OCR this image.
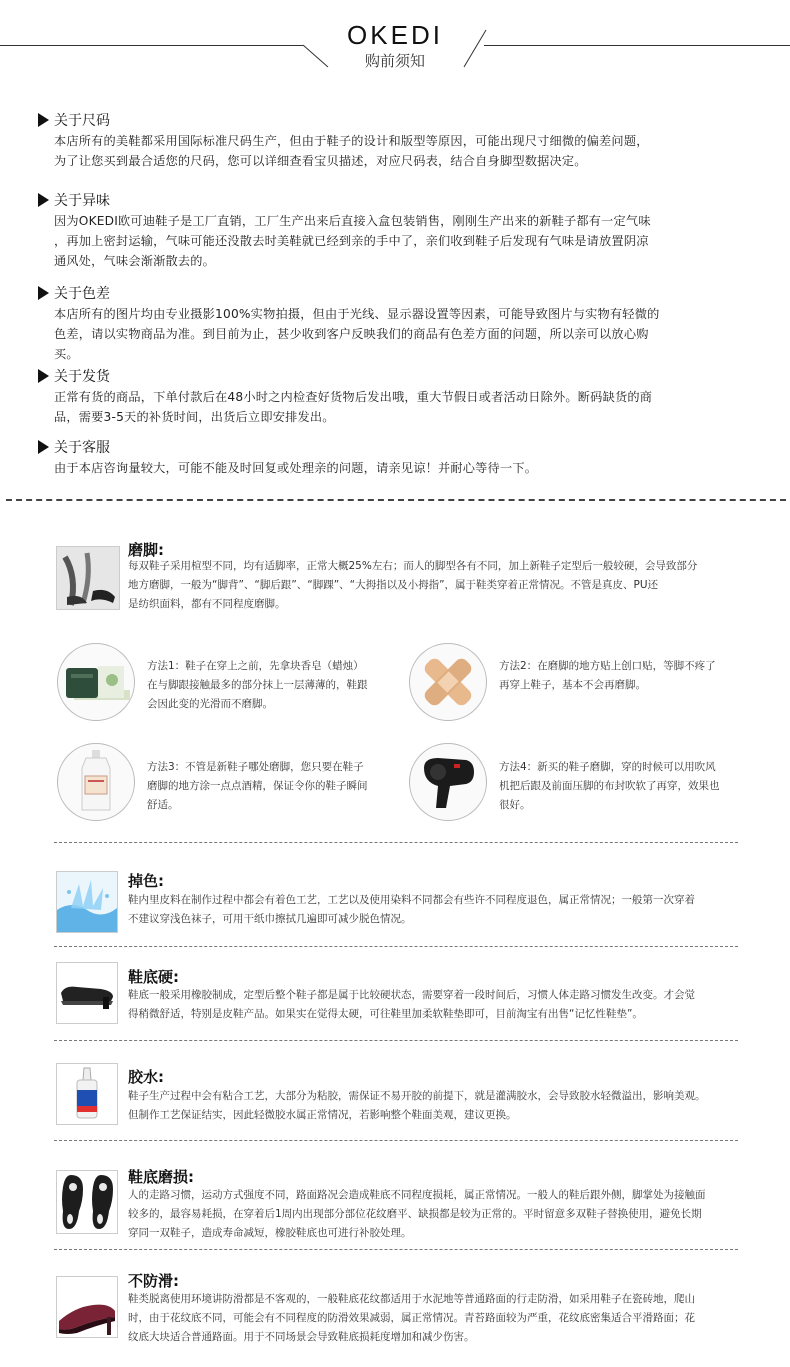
OKEDI
购前须知
关于尺码
本店所有的美鞋都采用国际标准尺码生产，但由于鞋子的设计和版型等原因，可能出现尺寸细微的偏差问题，
为了让您买到最合适您的尺码，您可以详细查看宝贝描述，对应尺码表，结合自身脚型数据决定。
关于异味
因为OKEDI欧可迪鞋子是工厂直销，工厂生产出来后直接入盒包装销售，刚刚生产出来的新鞋子都有一定气味
，再加上密封运输，气味可能还没散去时美鞋就已经到亲的手中了，亲们收到鞋子后发现有气味是请放置阴凉
通风处，气味会渐渐散去的。
关于色差
本店所有的图片均由专业摄影100%实物拍摄，但由于光线、显示器设置等因素，可能导致图片与实物有轻微的
色差，请以实物商品为准。到目前为止，甚少收到客户反映我们的商品有色差方面的问题，所以亲可以放心购
买。
关于发货
正常有货的商品，下单付款后在48小时之内检查好货物后发出哦，重大节假日或者活动日除外。断码缺货的商
品，需要3-5天的补货时间，出货后立即安排发出。
关于客服
由于本店咨询量较大，可能不能及时回复或处理亲的问题，请亲见谅！并耐心等待一下。
磨脚:
每双鞋子采用楦型不同，均有适脚率，正常大概25%左右；而人的脚型各有不同，加上新鞋子定型后一般较硬，会导致部分
地方磨脚，一般为“脚背”、“脚后跟”、“脚踝”、“大拇指以及小拇指”，属于鞋类穿着正常情况。不管是真皮、PU还
是纺织面料，都有不同程度磨脚。
方法1：鞋子在穿上之前，先拿块香皂（蜡烛）
在与脚跟接触最多的部分抹上一层薄薄的，鞋跟
会因此变的光滑而不磨脚。
方法2：在磨脚的地方贴上创口贴，等脚不疼了
再穿上鞋子，基本不会再磨脚。
方法3：不管是新鞋子哪处磨脚，您只要在鞋子
磨脚的地方涂一点点酒精，保证令你的鞋子瞬间
舒适。
方法4：新买的鞋子磨脚，穿的时候可以用吹风
机把后跟及前面压脚的布封吹软了再穿，效果也
很好。
掉色:
鞋内里皮料在制作过程中都会有着色工艺，工艺以及使用染料不同都会有些许不同程度退色，属正常情况；一般第一次穿着
不建议穿浅色袜子，可用干纸巾擦拭几遍即可减少脱色情况。
鞋底硬:
鞋底一般采用橡胶制成，定型后整个鞋子都是属于比较硬状态，需要穿着一段时间后，习惯人体走路习惯发生改变。才会觉
得稍微舒适，特别是皮鞋产品。如果实在觉得太硬，可往鞋里加柔软鞋垫即可，目前淘宝有出售“记忆性鞋垫”。
胶水:
鞋子生产过程中会有粘合工艺，大部分为粘胶，需保证不易开胶的前提下，就是灌满胶水，会导致胶水轻微溢出，影响美观。
但制作工艺保证结实，因此轻微胶水属正常情况，若影响整个鞋面美观，建议更换。
鞋底磨损:
人的走路习惯，运动方式强度不同，路面路况会造成鞋底不同程度损耗，属正常情况。一般人的鞋后跟外侧，脚掌处为接触面
较多的，最容易耗损，在穿着后1周内出现部分部位花纹磨平、缺损都是较为正常的。平时留意多双鞋子替换使用，避免长期
穿同一双鞋子，造成寿命减短，橡胶鞋底也可进行补胶处理。
不防滑:
鞋类脱离使用环境讲防滑都是不客观的，一般鞋底花纹都适用于水泥地等普通路面的行走防滑，如采用鞋子在瓷砖地，爬山
时，由于花纹底不同，可能会有不同程度的防滑效果减弱，属正常情况。青苔路面较为严重，花纹底密集适合平滑路面；花
纹底大块适合普通路面。用于不同场景会导致鞋底损耗度增加和减少伤害。
